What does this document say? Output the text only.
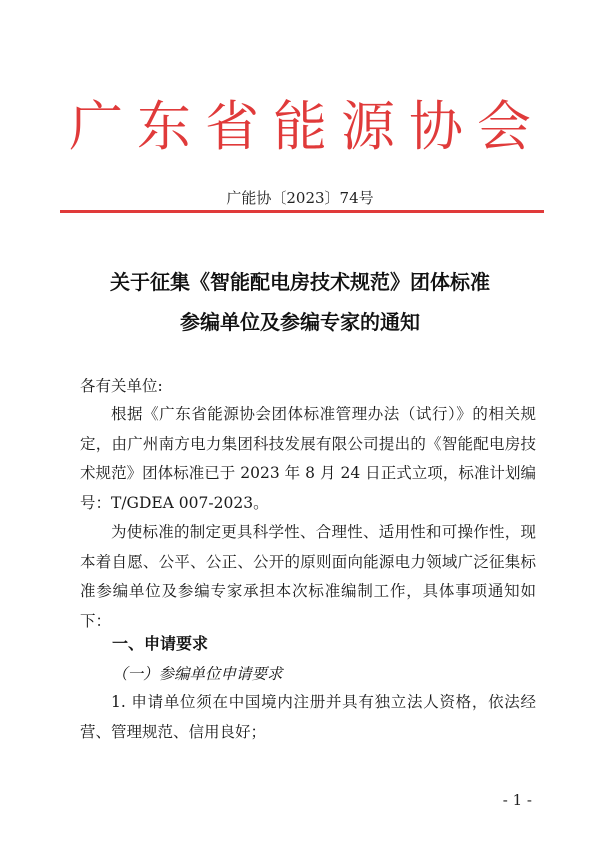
广东省能源协会
广能协〔2023〕74号
关于征集《智能配电房技术规范》团体标准
参编单位及参编专家的通知
各有关单位:
根据《广东省能源协会团体标准管理办法（试行）》的相关规定，由广州南方电力集团科技发展有限公司提出的《智能配电房技术规范》团体标准已于 2023 年 8 月 24 日正式立项，标准计划编号：T/GDEA 007-2023。
为使标准的制定更具科学性、合理性、适用性和可操作性，现本着自愿、公平、公正、公开的原则面向能源电力领域广泛征集标准参编单位及参编专家承担本次标准编制工作，具体事项通知如下：
一、申请要求
（一）参编单位申请要求
1. 申请单位须在中国境内注册并具有独立法人资格，依法经营、管理规范、信用良好；
- 1 -
